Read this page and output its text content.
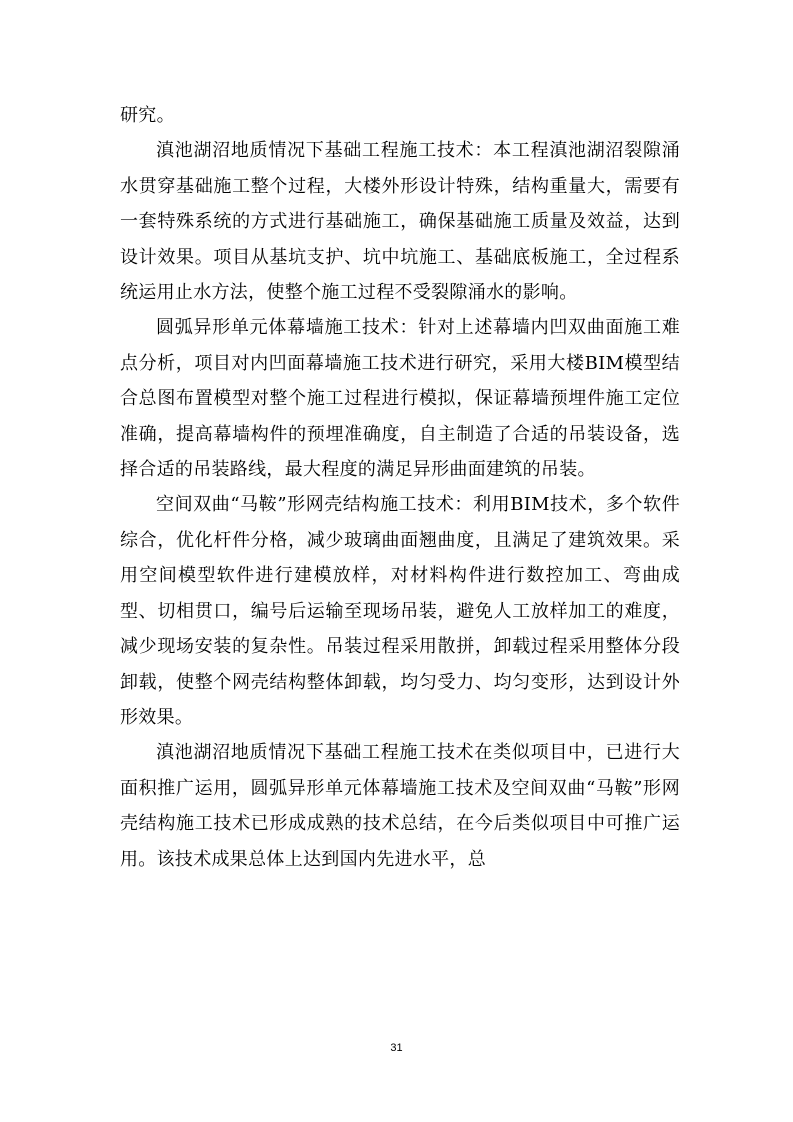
研究。

滇池湖沼地质情况下基础工程施工技术：本工程滇池湖沼裂隙涌水贯穿基础施工整个过程，大楼外形设计特殊，结构重量大，需要有一套特殊系统的方式进行基础施工，确保基础施工质量及效益，达到设计效果。项目从基坑支护、坑中坑施工、基础底板施工，全过程系统运用止水方法，使整个施工过程不受裂隙涌水的影响。

圆弧异形单元体幕墙施工技术：针对上述幕墙内凹双曲面施工难点分析，项目对内凹面幕墙施工技术进行研究，采用大楼BIM模型结合总图布置模型对整个施工过程进行模拟，保证幕墙预埋件施工定位准确，提高幕墙构件的预埋准确度，自主制造了合适的吊装设备，选择合适的吊装路线，最大程度的满足异形曲面建筑的吊装。

空间双曲“马鞍”形网壳结构施工技术：利用BIM技术，多个软件综合，优化杆件分格，减少玻璃曲面翘曲度，且满足了建筑效果。采用空间模型软件进行建模放样，对材料构件进行数控加工、弯曲成型、切相贯口，编号后运输至现场吊装，避免人工放样加工的难度，减少现场安装的复杂性。吊装过程采用散拼，卸载过程采用整体分段卸载，使整个网壳结构整体卸载，均匀受力、均匀变形，达到设计外形效果。

滇池湖沼地质情况下基础工程施工技术在类似项目中，已进行大面积推广运用，圆弧异形单元体幕墙施工技术及空间双曲“马鞍”形网壳结构施工技术已形成成熟的技术总结，在今后类似项目中可推广运用。该技术成果总体上达到国内先进水平，总

31
